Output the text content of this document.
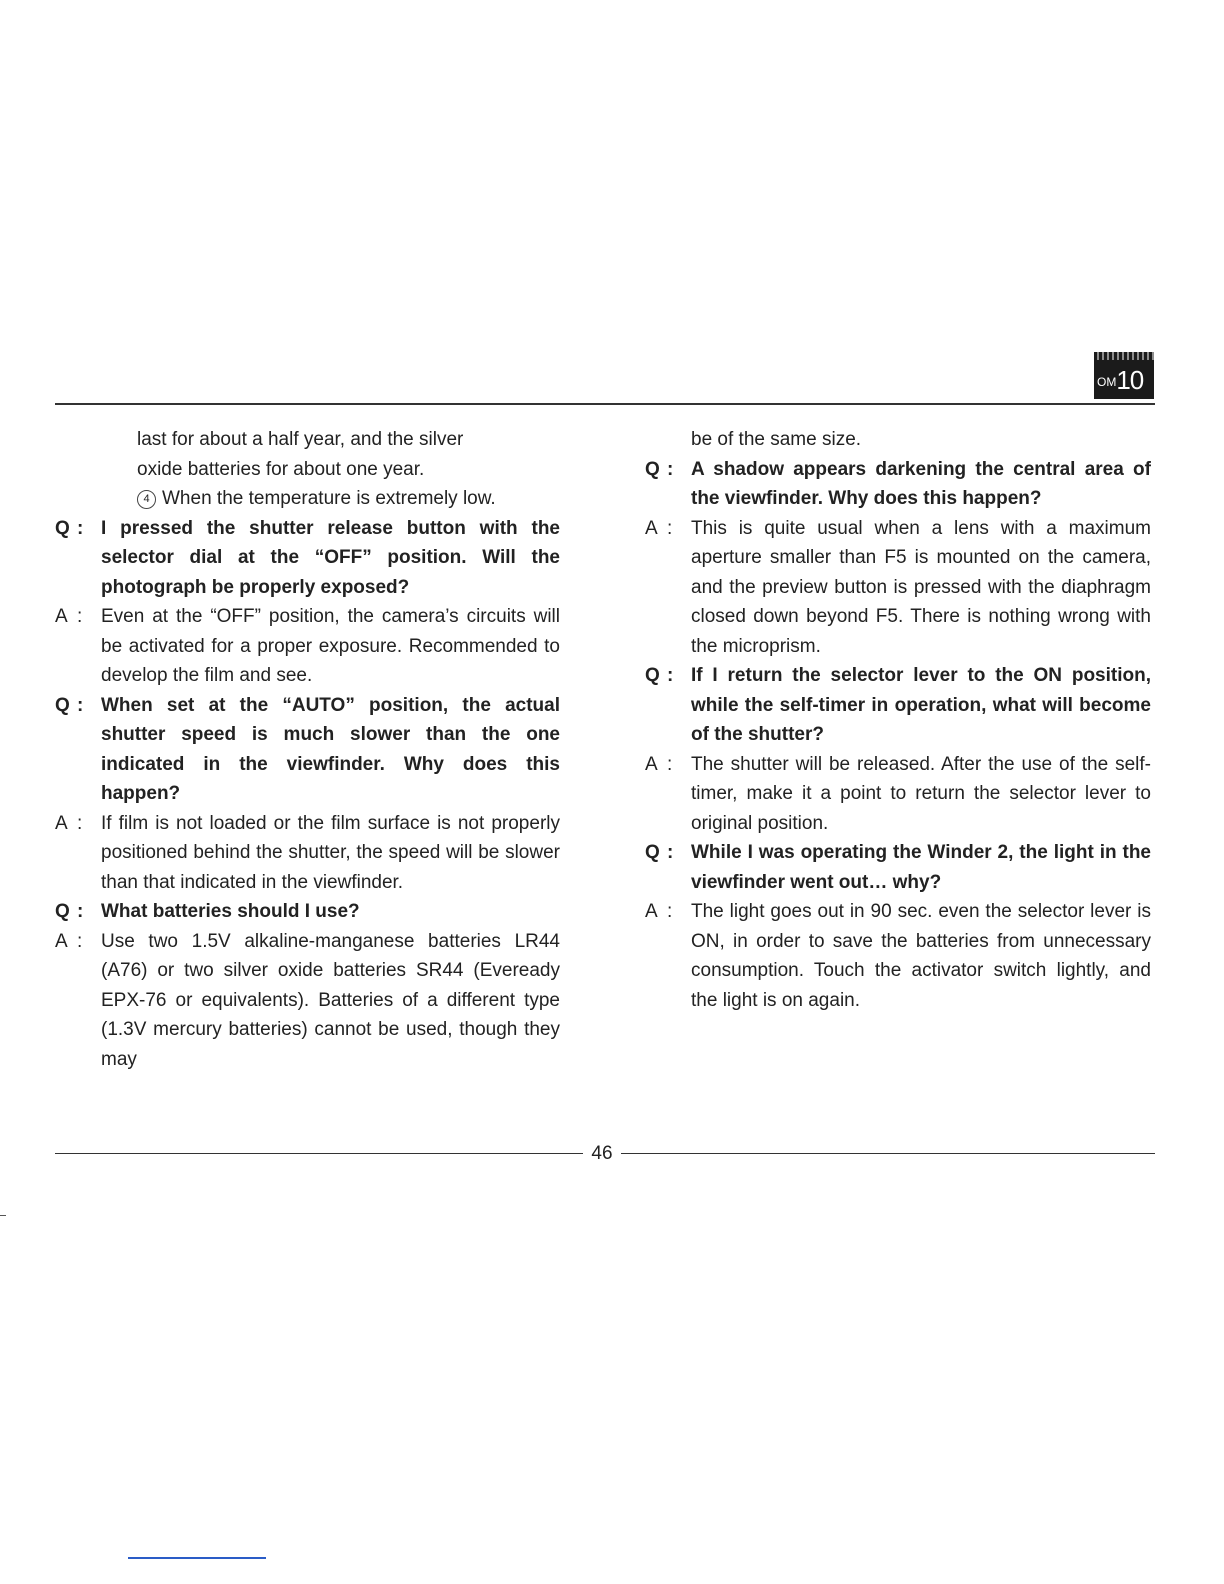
OM10
last for about a half year, and the silver
oxide batteries for about one year.
4 When the temperature is extremely low.
Q : I pressed the shutter release button with the selector dial at the “OFF” position. Will the photograph be properly exposed?
A : Even at the “OFF” position, the camera’s circuits will be activated for a proper exposure. Recommended to develop the film and see.
Q : When set at the “AUTO” position, the actual shutter speed is much slower than the one indicated in the viewfinder. Why does this happen?
A : If film is not loaded or the film surface is not properly positioned behind the shutter, the speed will be slower than that indicated in the viewfinder.
Q : What batteries should I use?
A : Use two 1.5V alkaline-manganese batteries LR44 (A76) or two silver oxide batteries SR44 (Eveready EPX-76 or equivalents). Batteries of a different type (1.3V mercury batteries) cannot be used, though they may
be of the same size.
Q : A shadow appears darkening the central area of the viewfinder. Why does this happen?
A : This is quite usual when a lens with a maximum aperture smaller than F5 is mounted on the camera, and the preview button is pressed with the diaphragm closed down beyond F5. There is nothing wrong with the microprism.
Q : If I return the selector lever to the ON position, while the self-timer in operation, what will become of the shutter?
A : The shutter will be released. After the use of the self-timer, make it a point to return the selector lever to original position.
Q : While I was operating the Winder 2, the light in the viewfinder went out… why?
A : The light goes out in 90 sec. even the selector lever is ON, in order to save the batteries from unnecessary consumption. Touch the activator switch lightly, and the light is on again.
46
